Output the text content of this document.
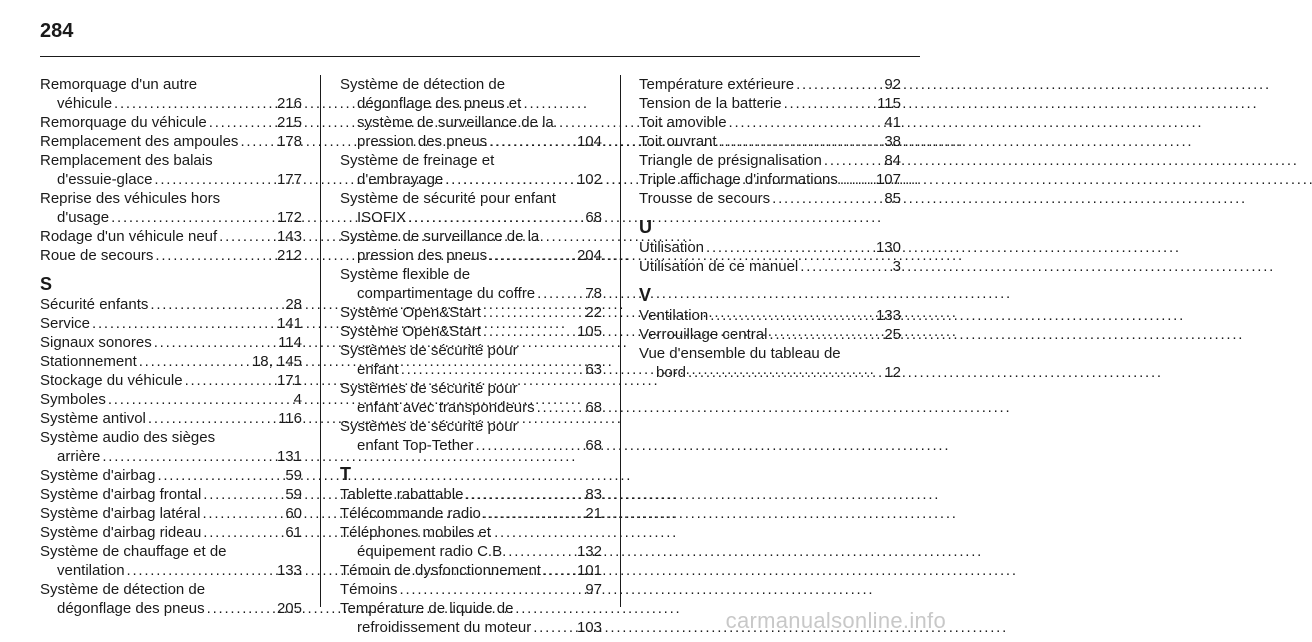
284
Remorquage d'un autre
véhicule . . .	216
Remorquage du véhicule . . .	215
Remplacement des ampoules . . .	178
Remplacement des balais
d'essuie-glace . . .	177
Reprise des véhicules hors
d'usage . . .	172
Rodage d'un véhicule neuf . . .	143
Roue de secours . . .	212
S
Sécurité enfants . . .	28
Service . . .	141
Signaux sonores . . .	114
Stationnement . . .	18, 145
Stockage du véhicule . . .	171
Symboles . . .	4
Système antivol . . .	116
Système audio des sièges
arrière . . .	131
Système d'airbag . . .	59
Système d'airbag frontal . . .	59
Système d'airbag latéral . . .	60
Système d'airbag rideau . . .	61
Système de chauffage et de
ventilation . . .	133
Système de détection de
dégonflage des pneus . . .	205
Système de détection de
dégonflage des pneus et
système de surveillance de la
pression des pneus . . .	104
Système de freinage et
d'embrayage . . .	102
Système de sécurité pour enfant
ISOFIX . . .	68
Système de surveillance de la
pression des pneus . . .	204
Système flexible de
compartimentage du coffre . . .	78
Système Open&Start . . .	22
Système Open&Start . . .	105
Systèmes de sécurité pour
enfant . . .	63
Systèmes de sécurité pour
enfant avec transpondeurs . . .	68
Systèmes de sécurité pour
enfant Top-Tether . . .	68
T
Tablette rabattable . . .	83
Télécommande radio . . .	21
Téléphones mobiles et
équipement radio C.B. . . .	132
Témoin de dysfonctionnement . . . 101
Témoins . . .	97
Température de liquide de
refroidissement du moteur . . .	103
Température extérieure . . .	92
Tension de la batterie . . .	115
Toit amovible . . .	41
Toit ouvrant . . .	38
Triangle de présignalisation . . .	84
Triple affichage d'informations . . .	107
Trousse de secours . . .	85
U
Utilisation . . .	130
Utilisation de ce manuel . . .	3
V
Ventilation . . .	133
Verrouillage central . . .	25
Vue d'ensemble du tableau de
bord . . .	12
carmanualsonline.info
